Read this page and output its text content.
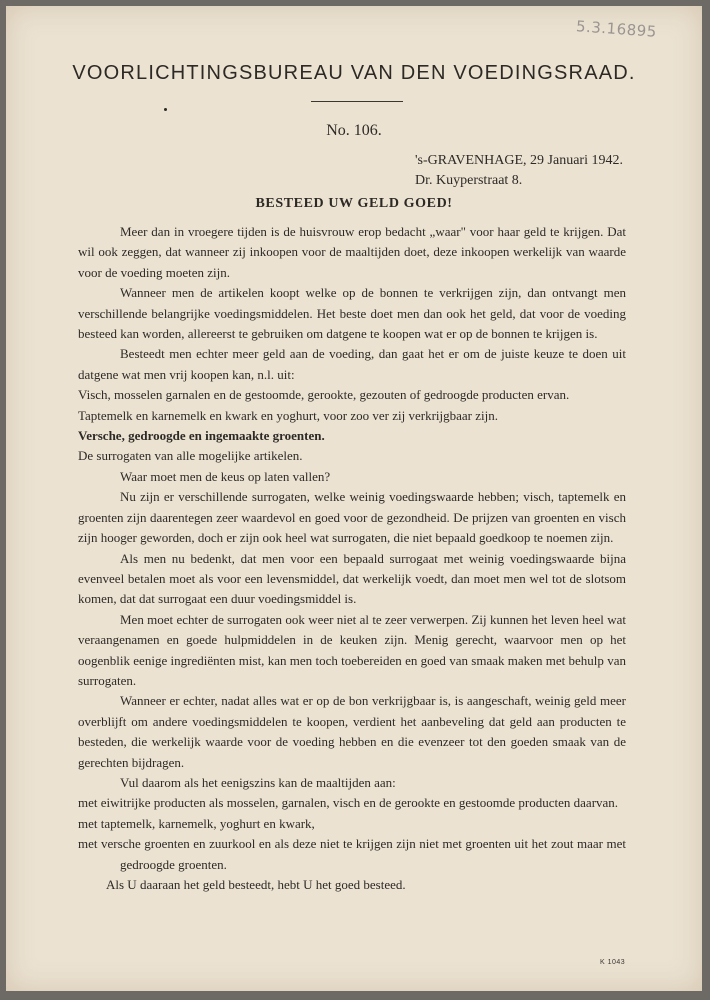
5.3.16895
VOORLICHTINGSBUREAU VAN DEN VOEDINGSRAAD.
No. 106.
's-GRAVENHAGE, 29 Januari 1942.
Dr. Kuyperstraat 8.
BESTEED UW GELD GOED!

Meer dan in vroegere tijden is de huisvrouw erop bedacht „waar" voor haar geld te krijgen. Dat wil ook zeggen, dat wanneer zij inkoopen voor de maaltijden doet, deze inkoopen werkelijk van waarde voor de voeding moeten zijn.

Wanneer men de artikelen koopt welke op de bonnen te verkrijgen zijn, dan ontvangt men verschillende belangrijke voedingsmiddelen. Het beste doet men dan ook het geld, dat voor de voeding besteed kan worden, allereerst te gebruiken om datgene te koopen wat er op de bonnen te krijgen is.

Besteedt men echter meer geld aan de voeding, dan gaat het er om de juiste keuze te doen uit datgene wat men vrij koopen kan, n.l. uit:

Visch, mosselen garnalen en de gestoomde, gerookte, gezouten of gedroogde producten ervan.

Taptemelk en karnemelk en kwark en yoghurt, voor zoo ver zij verkrijgbaar zijn.

Versche, gedroogde en ingemaakte groenten.

De surrogaten van alle mogelijke artikelen.

Waar moet men de keus op laten vallen?

Nu zijn er verschillende surrogaten, welke weinig voedingswaarde hebben; visch, taptemelk en groenten zijn daarentegen zeer waardevol en goed voor de gezondheid. De prijzen van groenten en visch zijn hooger geworden, doch er zijn ook heel wat surrogaten, die niet bepaald goedkoop te noemen zijn.

Als men nu bedenkt, dat men voor een bepaald surrogaat met weinig voedingswaarde bijna evenveel betalen moet als voor een levensmiddel, dat werkelijk voedt, dan moet men wel tot de slotsom komen, dat dat surrogaat een duur voedingsmiddel is.

Men moet echter de surrogaten ook weer niet al te zeer verwerpen. Zij kunnen het leven heel wat veraangenamen en goede hulpmiddelen in de keuken zijn. Menig gerecht, waarvoor men op het oogenblik eenige ingrediënten mist, kan men toch toebereiden en goed van smaak maken met behulp van surrogaten.

Wanneer er echter, nadat alles wat er op de bon verkrijgbaar is, is aangeschaft, weinig geld meer overblijft om andere voedingsmiddelen te koopen, verdient het aanbeveling dat geld aan producten te besteden, die werkelijk waarde voor de voeding hebben en die evenzeer tot den goeden smaak van de gerechten bijdragen.

Vul daarom als het eenigszins kan de maaltijden aan:

met eiwitrijke producten als mosselen, garnalen, visch en de gerookte en gestoomde producten daarvan.

met taptemelk, karnemelk, yoghurt en kwark,

met versche groenten en zuurkool en als deze niet te krijgen zijn niet met groenten uit het zout maar met gedroogde groenten.

Als U daaraan het geld besteedt, hebt U het goed besteed.

K 1043
